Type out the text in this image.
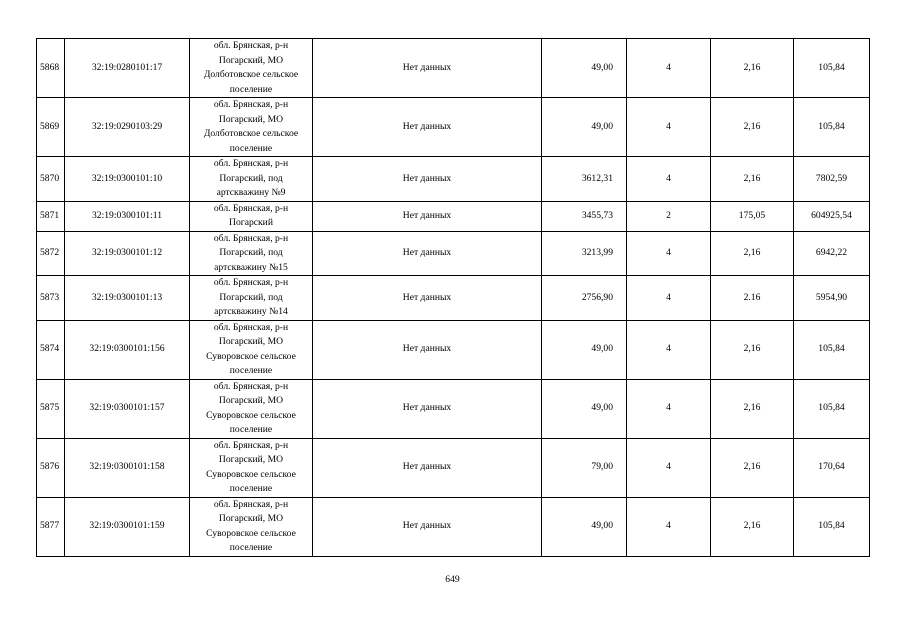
5868	32:19:0280101:17	обл. Брянская, р-н Погарский, МО Долботовское сельское поселение	Нет данных	49,00	4	2,16	105,84
5869	32:19:0290103:29	обл. Брянская, р-н Погарский, МО Долботовское сельское поселение	Нет данных	49,00	4	2,16	105,84
5870	32:19:0300101:10	обл. Брянская, р-н Погарский, под артскважину №9	Нет данных	3612,31	4	2,16	7802,59
5871	32:19:0300101:11	обл. Брянская, р-н Погарский	Нет данных	3455,73	2	175,05	604925,54
5872	32:19:0300101:12	обл. Брянская, р-н Погарский, под артскважину №15	Нет данных	3213,99	4	2,16	6942,22
5873	32:19:0300101:13	обл. Брянская, р-н Погарский, под артскважину №14	Нет данных	2756,90	4	2.16	5954,90
5874	32:19:0300101:156	обл. Брянская, р-н Погарский, МО Суворовское сельское поселение	Нет данных	49,00	4	2,16	105,84
5875	32:19:0300101:157	обл. Брянская, р-н Погарский, МО Суворовское сельское поселение	Нет данных	49,00	4	2,16	105,84
5876	32:19:0300101:158	обл. Брянская, р-н Погарский, МО Суворовское сельское поселение	Нет данных	79,00	4	2,16	170,64
5877	32:19:0300101:159	обл. Брянская, р-н Погарский, МО Суворовское сельское поселение	Нет данных	49,00	4	2,16	105,84
649
